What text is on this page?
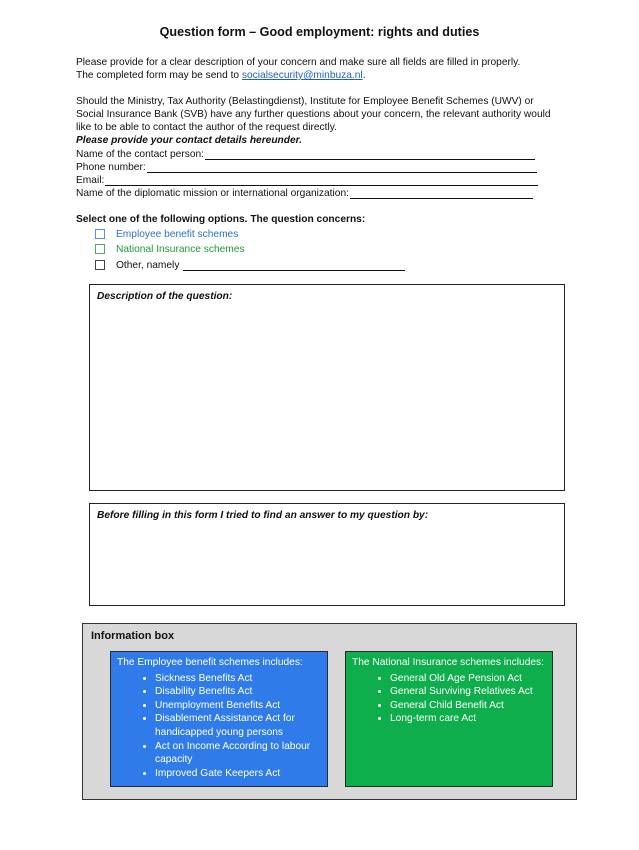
Question form – Good employment: rights and duties
Please provide for a clear description of your concern and make sure all fields are filled in properly.
The completed form may be send to socialsecurity@minbuza.nl.
Should the Ministry, Tax Authority (Belastingdienst), Institute for Employee Benefit Schemes (UWV) or Social Insurance Bank (SVB) have any further questions about your concern, the relevant authority would like to be able to contact the author of the request directly.
Please provide your contact details hereunder.
Name of the contact person:
Phone number:
Email:
Name of the diplomatic mission or international organization:
Select one of the following options. The question concerns:
Employee benefit schemes
National Insurance schemes
Other, namely
Description of the question:
Before filling in this form I tried to find an answer to my question by:
Information box
The Employee benefit schemes includes:
• Sickness Benefits Act
• Disability Benefits Act
• Unemployment Benefits Act
• Disablement Assistance Act for handicapped young persons
• Act on Income According to labour capacity
• Improved Gate Keepers Act
The National Insurance schemes includes:
• General Old Age Pension Act
• General Surviving Relatives Act
• General Child Benefit Act
• Long-term care Act
